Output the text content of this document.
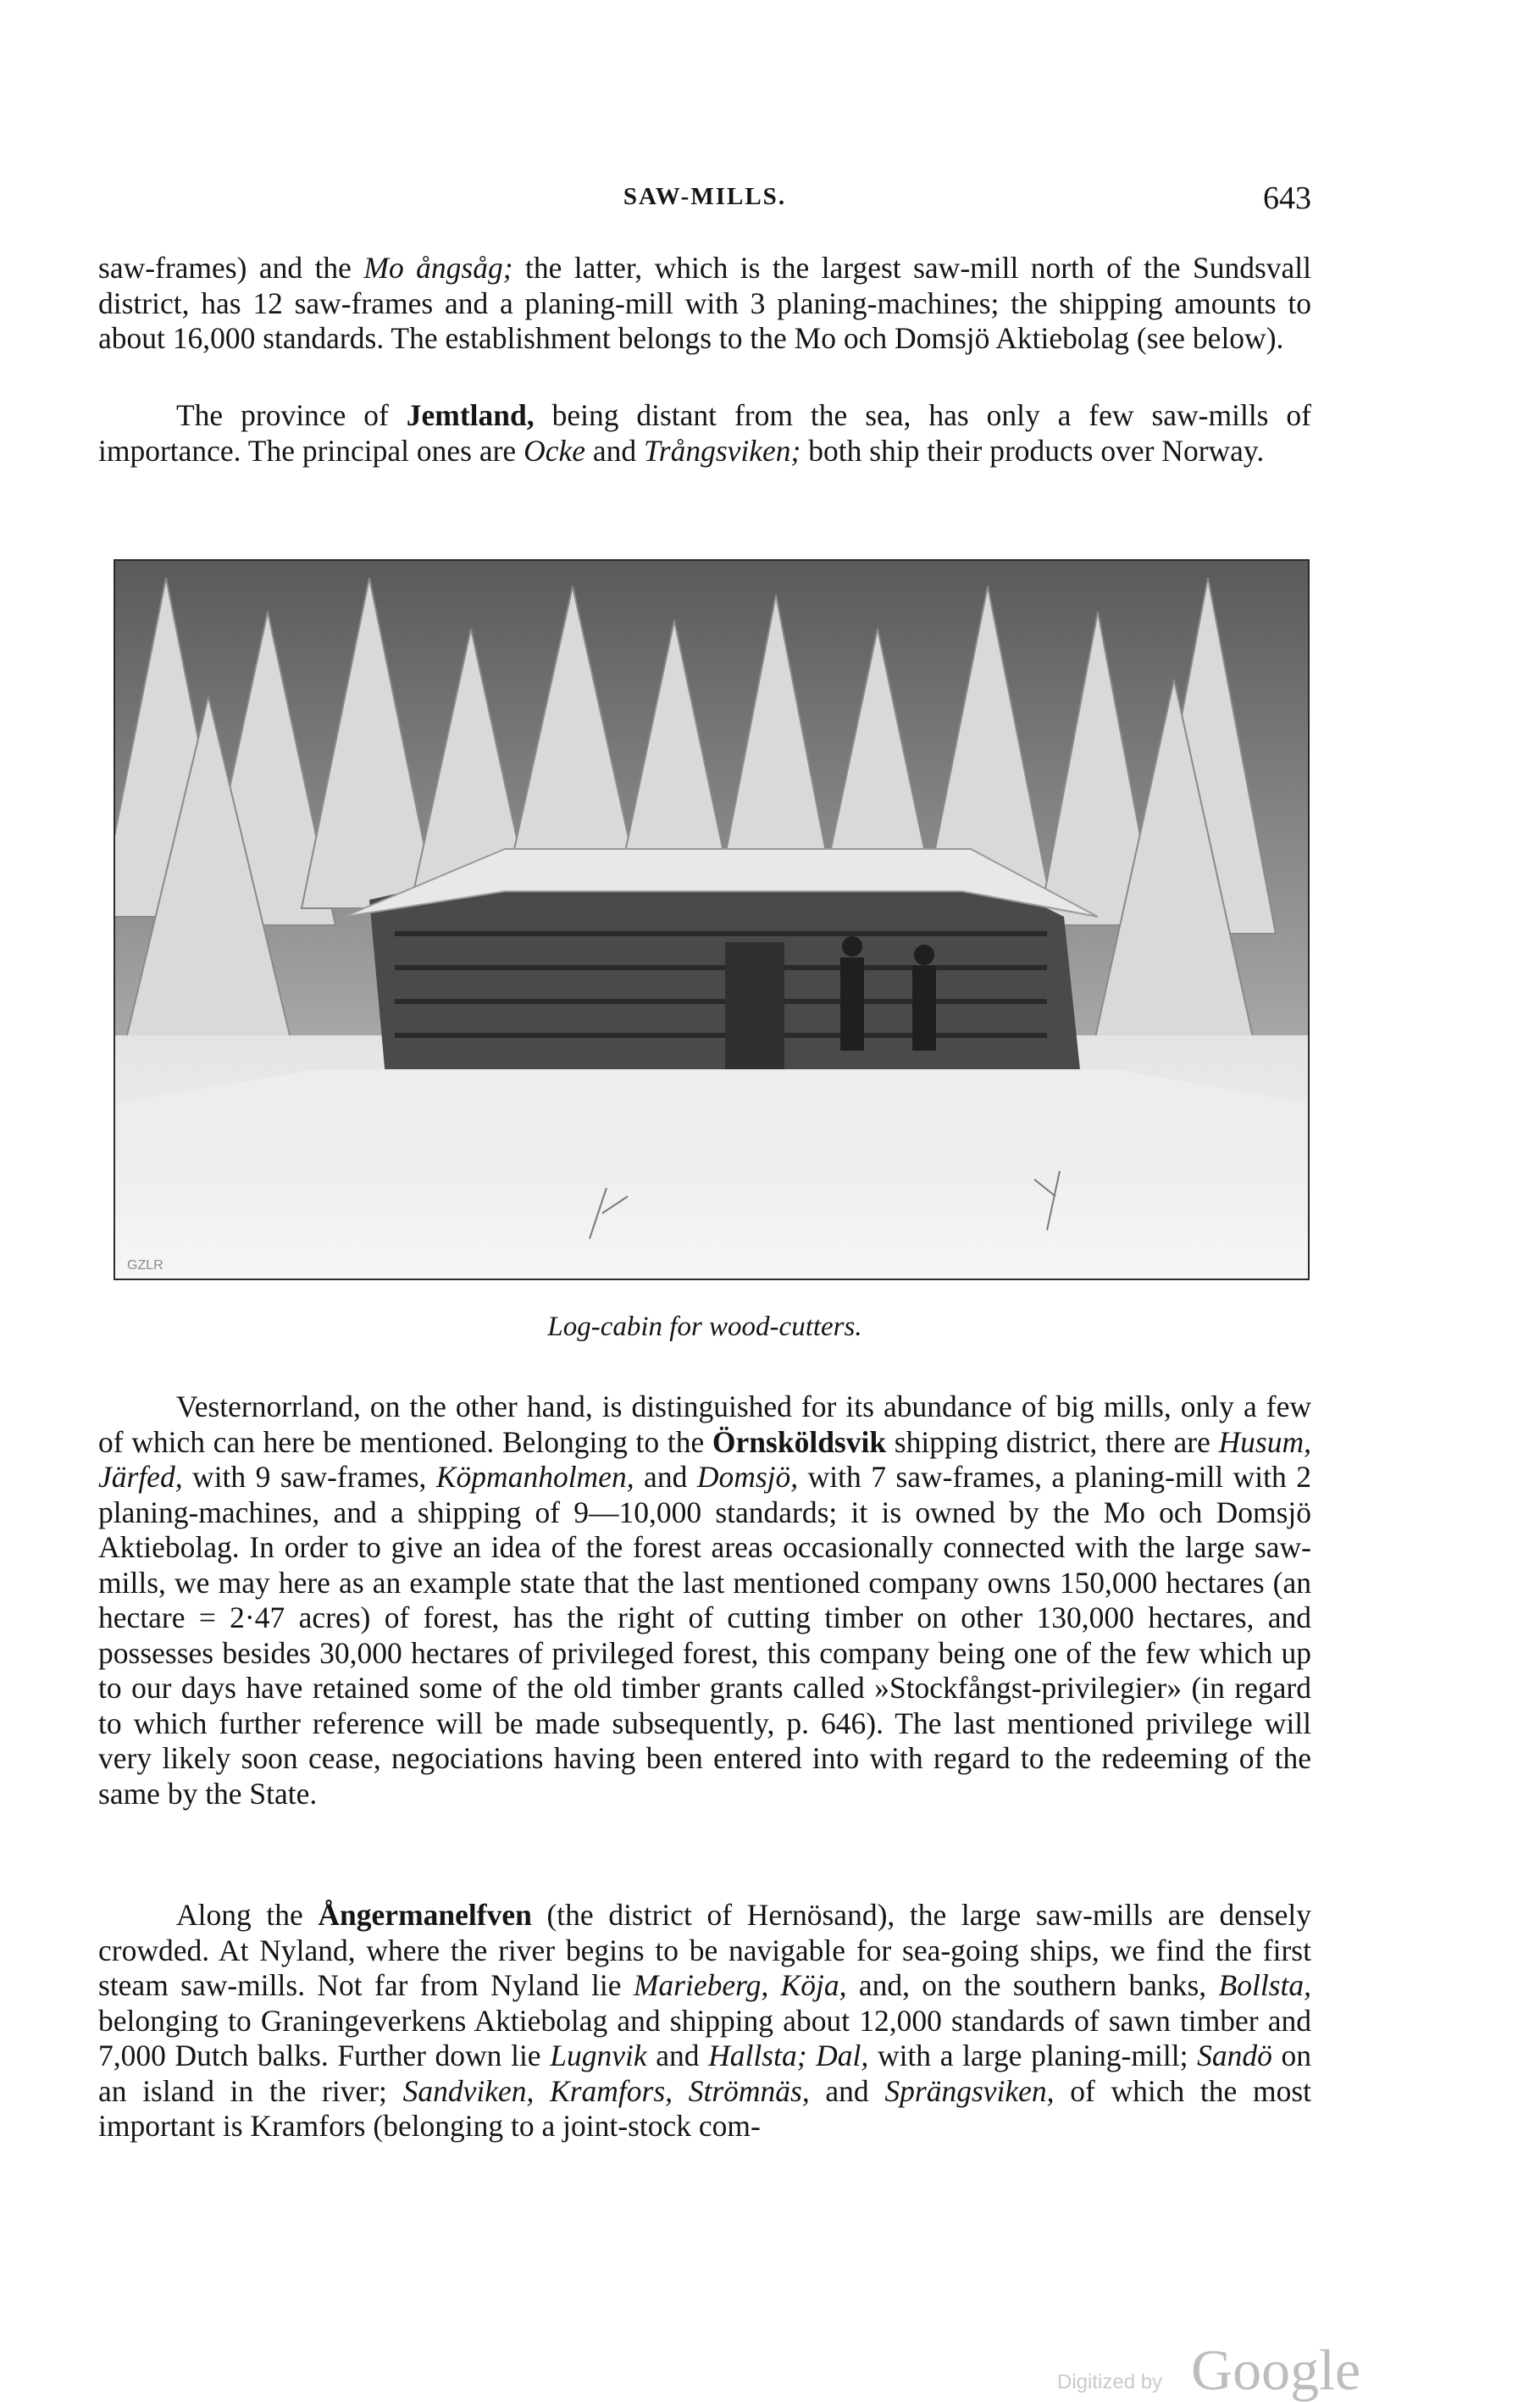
SAW-MILLS.	643

saw-frames) and the Mo ångsåg; the latter, which is the largest saw-mill north of the Sundsvall district, has 12 saw-frames and a planing-mill with 3 planing-machines; the shipping amounts to about 16,000 standards. The establishment belongs to the Mo och Domsjö Aktiebolag (see below).

The province of Jemtland, being distant from the sea, has only a few saw-mills of importance. The principal ones are Ocke and Trångsviken; both ship their products over Norway.

GZLR
Log-cabin for wood-cutters.

Vesternorrland, on the other hand, is distinguished for its abundance of big mills, only a few of which can here be mentioned. Belonging to the Örnsköldsvik shipping district, there are Husum, Järfed, with 9 saw-frames, Köpmanholmen, and Domsjö, with 7 saw-frames, a planing-mill with 2 planing-machines, and a shipping of 9—10,000 standards; it is owned by the Mo och Domsjö Aktiebolag. In order to give an idea of the forest areas occasionally connected with the large saw-mills, we may here as an example state that the last mentioned company owns 150,000 hectares (an hectare = 2·47 acres) of forest, has the right of cutting timber on other 130,000 hectares, and possesses besides 30,000 hectares of privileged forest, this company being one of the few which up to our days have retained some of the old timber grants called »Stockfångst-privilegier» (in regard to which further reference will be made subsequently, p. 646). The last mentioned privilege will very likely soon cease, negociations having been entered into with regard to the redeeming of the same by the State.

Along the Ångermanelfven (the district of Hernösand), the large saw-mills are densely crowded. At Nyland, where the river begins to be navigable for sea-going ships, we find the first steam saw-mills. Not far from Nyland lie Marieberg, Köja, and, on the southern banks, Bollsta, belonging to Graningeverkens Aktiebolag and shipping about 12,000 standards of sawn timber and 7,000 Dutch balks. Further down lie Lugnvik and Hallsta; Dal, with a large planing-mill; Sandö on an island in the river; Sandviken, Kramfors, Strömnäs, and Sprängsviken, of which the most important is Kramfors (belonging to a joint-stock com-

Digitized by Google
